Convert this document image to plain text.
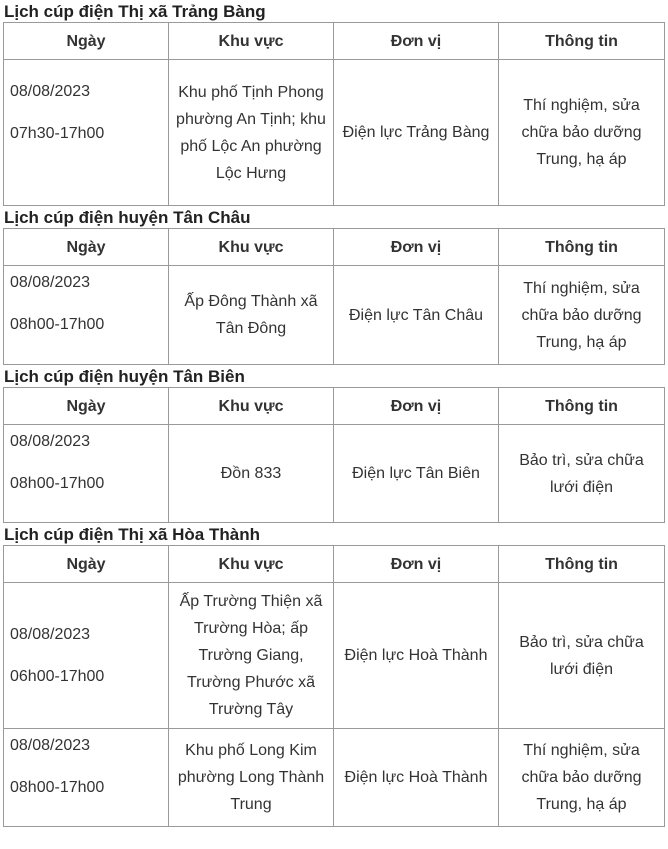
Lịch cúp điện Thị xã Trảng Bàng
Ngày	Khu vực	Đơn vị	Thông tin

08/08/2023
07h30-17h00	Khu phố Tịnh Phong phường An Tịnh; khu phố Lộc An phường Lộc Hưng	Điện lực Trảng Bàng	Thí nghiệm, sửa chữa bảo dưỡng Trung, hạ áp
Lịch cúp điện huyện Tân Châu
Ngày	Khu vực	Đơn vị	Thông tin

08/08/2023
08h00-17h00	Ấp Đông Thành xã Tân Đông	Điện lực Tân Châu	Thí nghiệm, sửa chữa bảo dưỡng Trung, hạ áp
Lịch cúp điện huyện Tân Biên
Ngày	Khu vực	Đơn vị	Thông tin

08/08/2023
08h00-17h00	Đồn 833	Điện lực Tân Biên	Bảo trì, sửa chữa lưới điện
Lịch cúp điện Thị xã Hòa Thành
Ngày	Khu vực	Đơn vị	Thông tin

08/08/2023
06h00-17h00	Ấp Trường Thiện xã Trường Hòa; ấp Trường Giang, Trường Phước xã Trường Tây	Điện lực Hoà Thành	Bảo trì, sửa chữa lưới điện

08/08/2023
08h00-17h00	Khu phố Long Kim phường Long Thành Trung	Điện lực Hoà Thành	Thí nghiệm, sửa chữa bảo dưỡng Trung, hạ áp
